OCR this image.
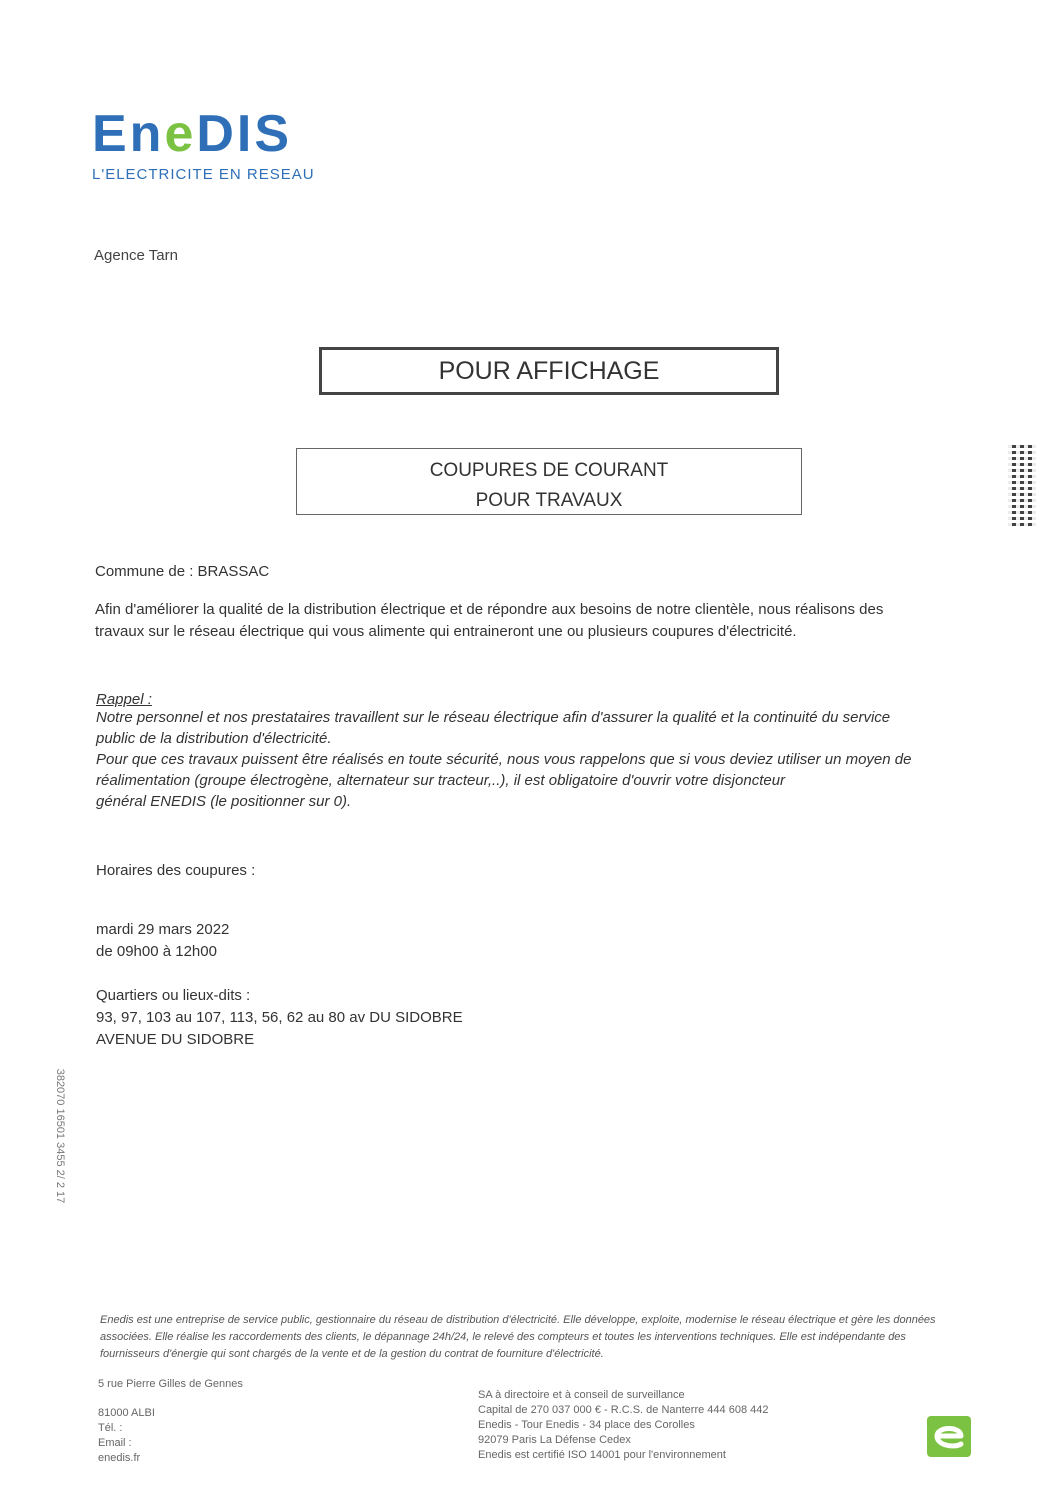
EneDIS
L'ELECTRICITE EN RESEAU
Agence Tarn
POUR AFFICHAGE
COUPURES DE COURANT
POUR TRAVAUX
Commune de : BRASSAC
Afin d'améliorer la qualité de la distribution électrique et de répondre aux besoins de notre clientèle, nous réalisons des
travaux sur le réseau électrique qui vous alimente qui entraineront une ou plusieurs coupures d'électricité.
Rappel :
Notre personnel et nos prestataires travaillent sur le réseau électrique afin d'assurer la qualité et la continuité du service
public de la distribution d'électricité.
Pour que ces travaux puissent être réalisés en toute sécurité, nous vous rappelons que si vous deviez utiliser un moyen de
réalimentation (groupe électrogène, alternateur sur tracteur,..), il est obligatoire d'ouvrir votre disjoncteur
général ENEDIS (le positionner sur 0).
Horaires des coupures :
mardi 29 mars 2022
de 09h00 à 12h00
Quartiers ou lieux-dits :
93, 97, 103 au 107, 113, 56, 62 au 80 av DU SIDOBRE
AVENUE DU SIDOBRE
382070 16501 3455 2/ 2 17
Enedis est une entreprise de service public, gestionnaire du réseau de distribution d'électricité. Elle développe, exploite, modernise le réseau électrique et gère les données
associées. Elle réalise les raccordements des clients, le dépannage 24h/24, le relevé des compteurs et toutes les interventions techniques. Elle est indépendante des
fournisseurs d'énergie qui sont chargés de la vente et de la gestion du contrat de fourniture d'électricité.
5 rue Pierre Gilles de Gennes
81000 ALBI
Tél. :
Email :
enedis.fr
SA à directoire et à conseil de surveillance
Capital de 270 037 000 € - R.C.S. de Nanterre 444 608 442
Enedis - Tour Enedis - 34 place des Corolles
92079 Paris La Défense Cedex
Enedis est certifié ISO 14001 pour l'environnement
